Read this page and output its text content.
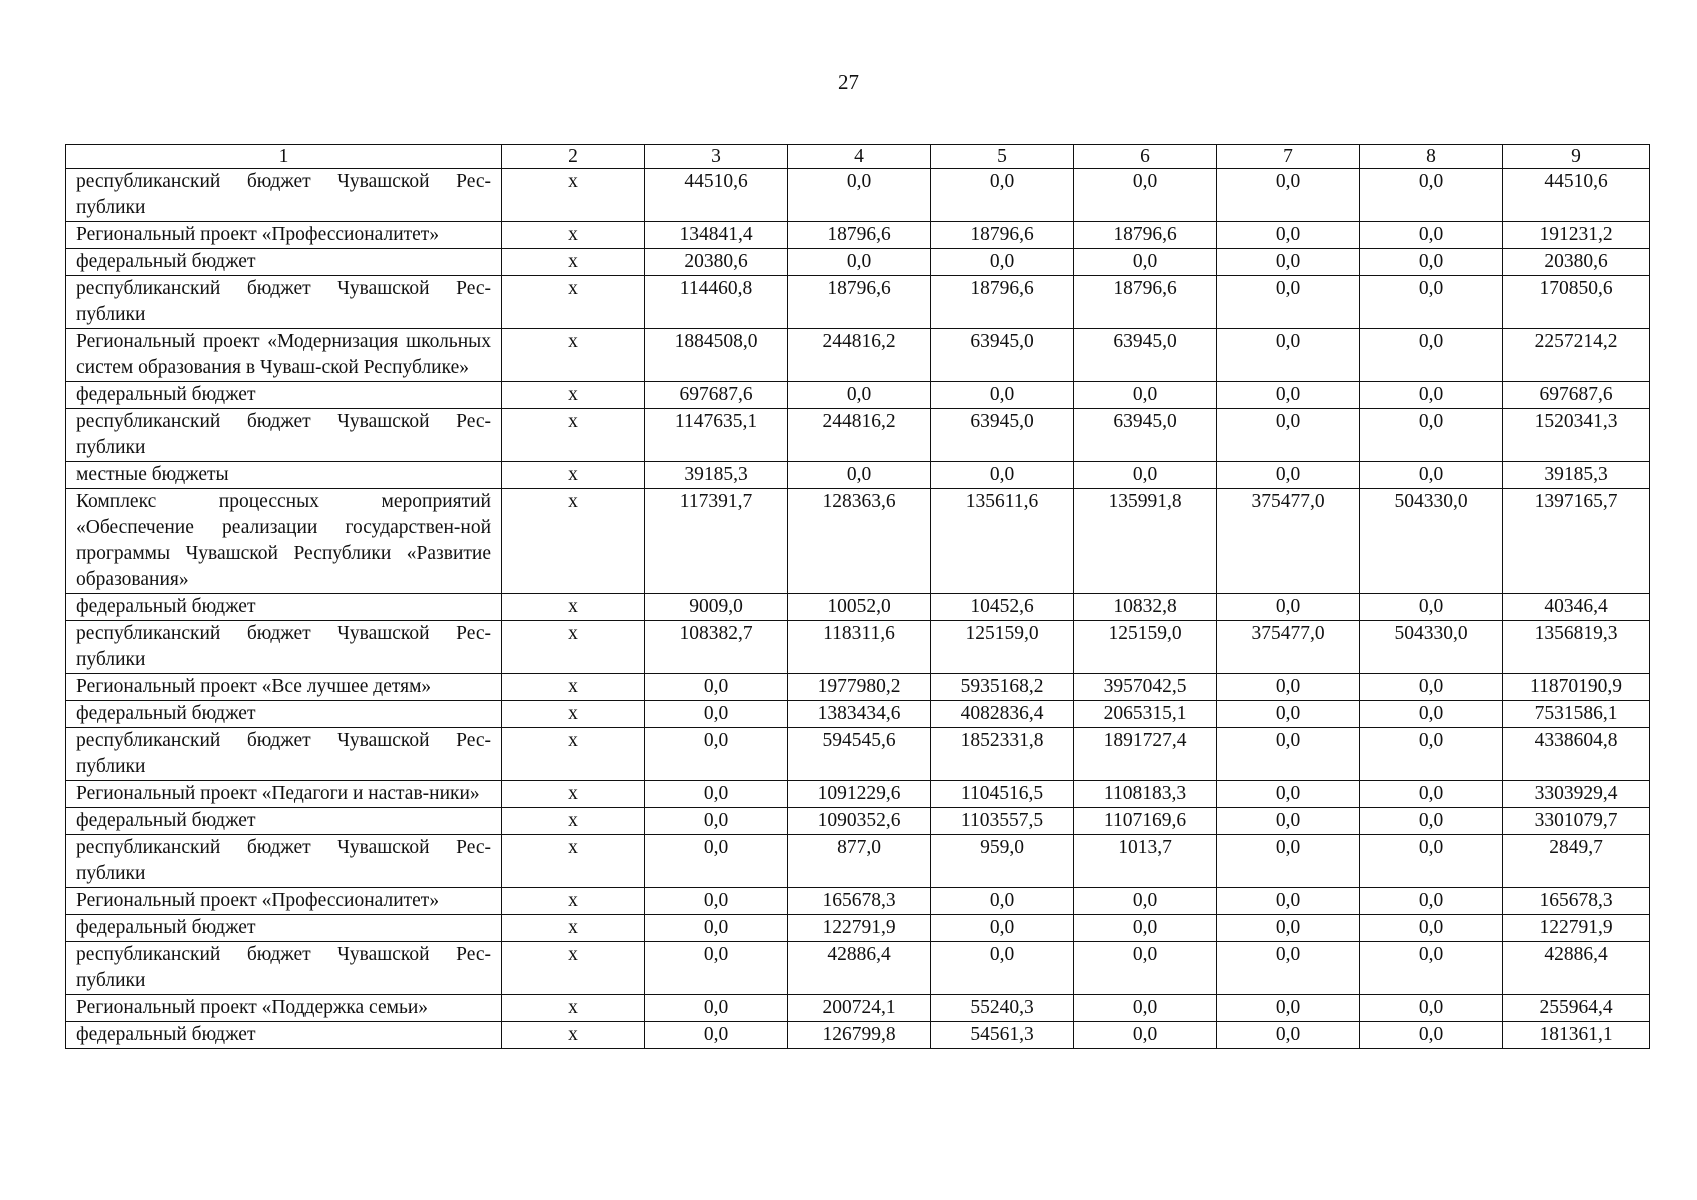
27
1	2	3	4	5	6	7	8	9
республиканский бюджет Чувашской Рес-публики	х	44510,6	0,0	0,0	0,0	0,0	0,0	44510,6
Региональный проект «Профессионалитет»	х	134841,4	18796,6	18796,6	18796,6	0,0	0,0	191231,2
федеральный бюджет	х	20380,6	0,0	0,0	0,0	0,0	0,0	20380,6
республиканский бюджет Чувашской Рес-публики	х	114460,8	18796,6	18796,6	18796,6	0,0	0,0	170850,6
Региональный проект «Модернизация школьных систем образования в Чуваш-ской Республике»	х	1884508,0	244816,2	63945,0	63945,0	0,0	0,0	2257214,2
федеральный бюджет	х	697687,6	0,0	0,0	0,0	0,0	0,0	697687,6
республиканский бюджет Чувашской Рес-публики	х	1147635,1	244816,2	63945,0	63945,0	0,0	0,0	1520341,3
местные бюджеты	х	39185,3	0,0	0,0	0,0	0,0	0,0	39185,3
Комплекс процессных мероприятий «Обеспечение реализации государствен-ной программы Чувашской Республики «Развитие образования»	х	117391,7	128363,6	135611,6	135991,8	375477,0	504330,0	1397165,7
федеральный бюджет	х	9009,0	10052,0	10452,6	10832,8	0,0	0,0	40346,4
республиканский бюджет Чувашской Рес-публики	х	108382,7	118311,6	125159,0	125159,0	375477,0	504330,0	1356819,3
Региональный проект «Все лучшее детям»	х	0,0	1977980,2	5935168,2	3957042,5	0,0	0,0	11870190,9
федеральный бюджет	х	0,0	1383434,6	4082836,4	2065315,1	0,0	0,0	7531586,1
республиканский бюджет Чувашской Рес-публики	х	0,0	594545,6	1852331,8	1891727,4	0,0	0,0	4338604,8
Региональный проект «Педагоги и настав-ники»	х	0,0	1091229,6	1104516,5	1108183,3	0,0	0,0	3303929,4
федеральный бюджет	х	0,0	1090352,6	1103557,5	1107169,6	0,0	0,0	3301079,7
республиканский бюджет Чувашской Рес-публики	х	0,0	877,0	959,0	1013,7	0,0	0,0	2849,7
Региональный проект «Профессионалитет»	х	0,0	165678,3	0,0	0,0	0,0	0,0	165678,3
федеральный бюджет	х	0,0	122791,9	0,0	0,0	0,0	0,0	122791,9
республиканский бюджет Чувашской Рес-публики	х	0,0	42886,4	0,0	0,0	0,0	0,0	42886,4
Региональный проект «Поддержка семьи»	х	0,0	200724,1	55240,3	0,0	0,0	0,0	255964,4
федеральный бюджет	х	0,0	126799,8	54561,3	0,0	0,0	0,0	181361,1
